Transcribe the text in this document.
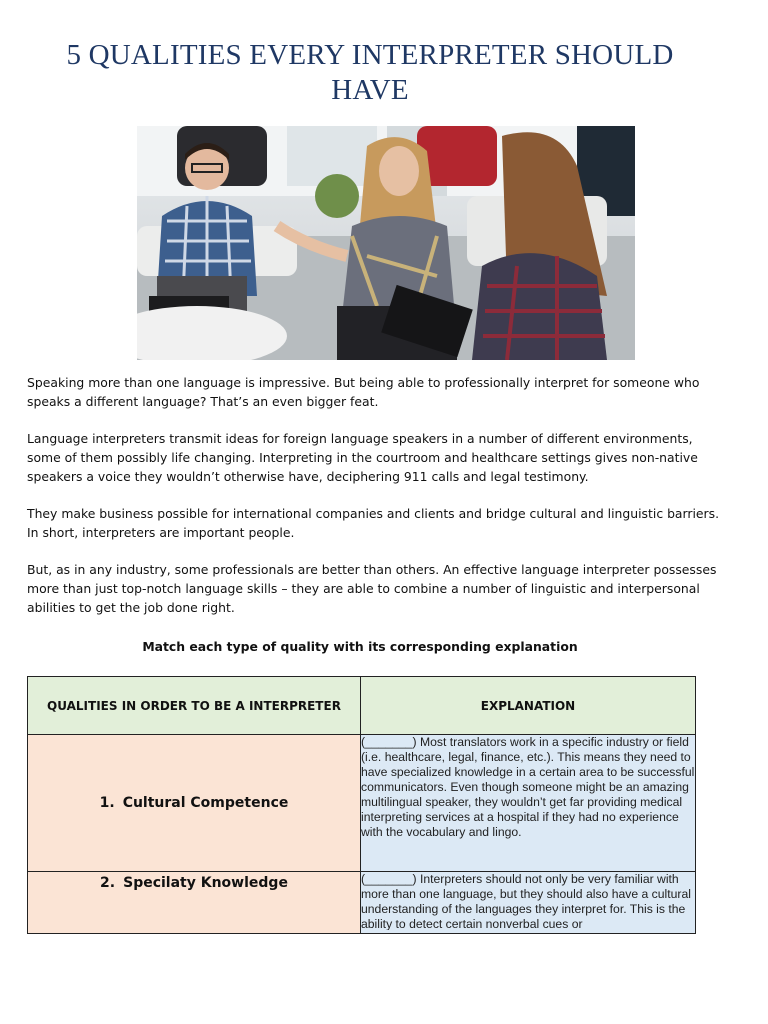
5 QUALITIES EVERY INTERPRETER SHOULD HAVE

Speaking more than one language is impressive. But being able to professionally interpret for someone who speaks a different language? That’s an even bigger feat.

Language interpreters transmit ideas for foreign language speakers in a number of different environments, some of them possibly life changing. Interpreting in the courtroom and healthcare settings gives non-native speakers a voice they wouldn’t otherwise have, deciphering 911 calls and legal testimony.

They make business possible for international companies and clients and bridge cultural and linguistic barriers. In short, interpreters are important people.

But, as in any industry, some professionals are better than others. An effective language interpreter possesses more than just top-notch language skills – they are able to combine a number of linguistic and interpersonal abilities to get the job done right.

Match each type of quality with its corresponding explanation
QUALITIES IN ORDER TO BE A INTERPRETER	EXPLANATION
1. Cultural Competence	(_______) Most translators work in a specific industry or field (i.e. healthcare, legal, finance, etc.). This means they need to have specialized knowledge in a certain area to be successful communicators. Even though someone might be an amazing multilingual speaker, they wouldn’t get far providing medical interpreting services at a hospital if they had no experience with the vocabulary and lingo.
2. Specilaty Knowledge	(_______) Interpreters should not only be very familiar with more than one language, but they should also have a cultural understanding of the languages they interpret for. This is the ability to detect certain nonverbal cues or
